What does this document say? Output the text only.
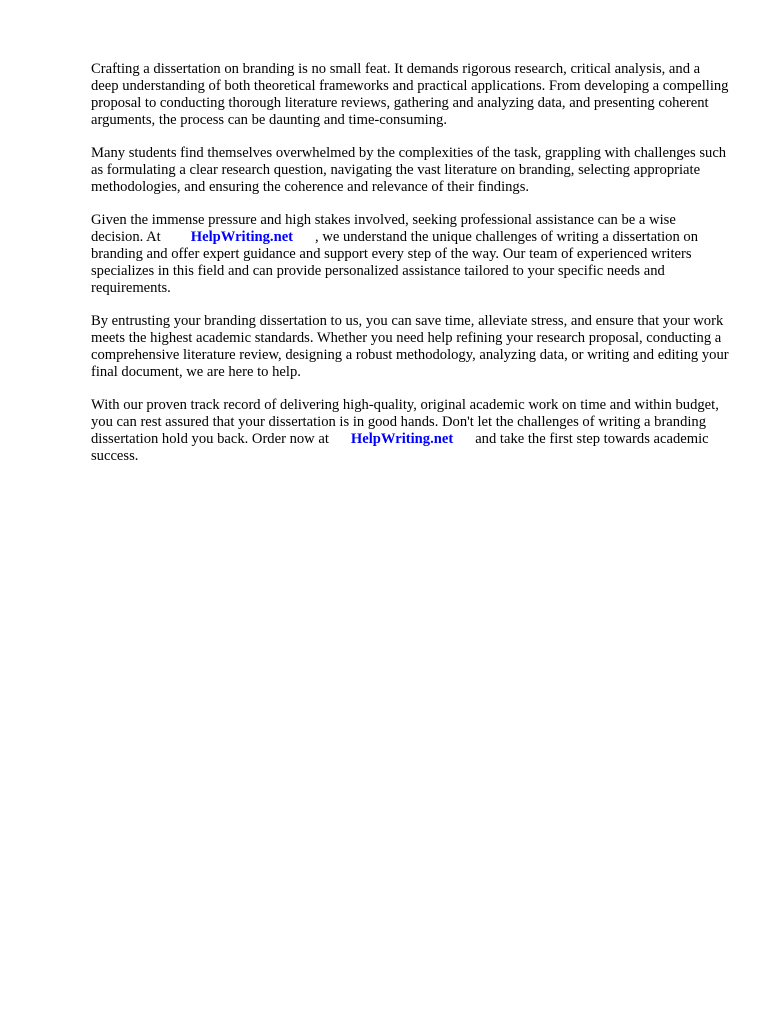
Crafting a dissertation on branding is no small feat. It demands rigorous research, critical analysis, and a deep understanding of both theoretical frameworks and practical applications. From developing a compelling proposal to conducting thorough literature reviews, gathering and analyzing data, and presenting coherent arguments, the process can be daunting and time-consuming.

Many students find themselves overwhelmed by the complexities of the task, grappling with challenges such as formulating a clear research question, navigating the vast literature on branding, selecting appropriate methodologies, and ensuring the coherence and relevance of their findings.

Given the immense pressure and high stakes involved, seeking professional assistance can be a wise decision. At HelpWriting.net , we understand the unique challenges of writing a dissertation on branding and offer expert guidance and support every step of the way. Our team of experienced writers specializes in this field and can provide personalized assistance tailored to your specific needs and requirements.

By entrusting your branding dissertation to us, you can save time, alleviate stress, and ensure that your work meets the highest academic standards. Whether you need help refining your research proposal, conducting a comprehensive literature review, designing a robust methodology, analyzing data, or writing and editing your final document, we are here to help.

With our proven track record of delivering high-quality, original academic work on time and within budget, you can rest assured that your dissertation is in good hands. Don't let the challenges of writing a branding dissertation hold you back. Order now at HelpWriting.net and take the first step towards academic success.
